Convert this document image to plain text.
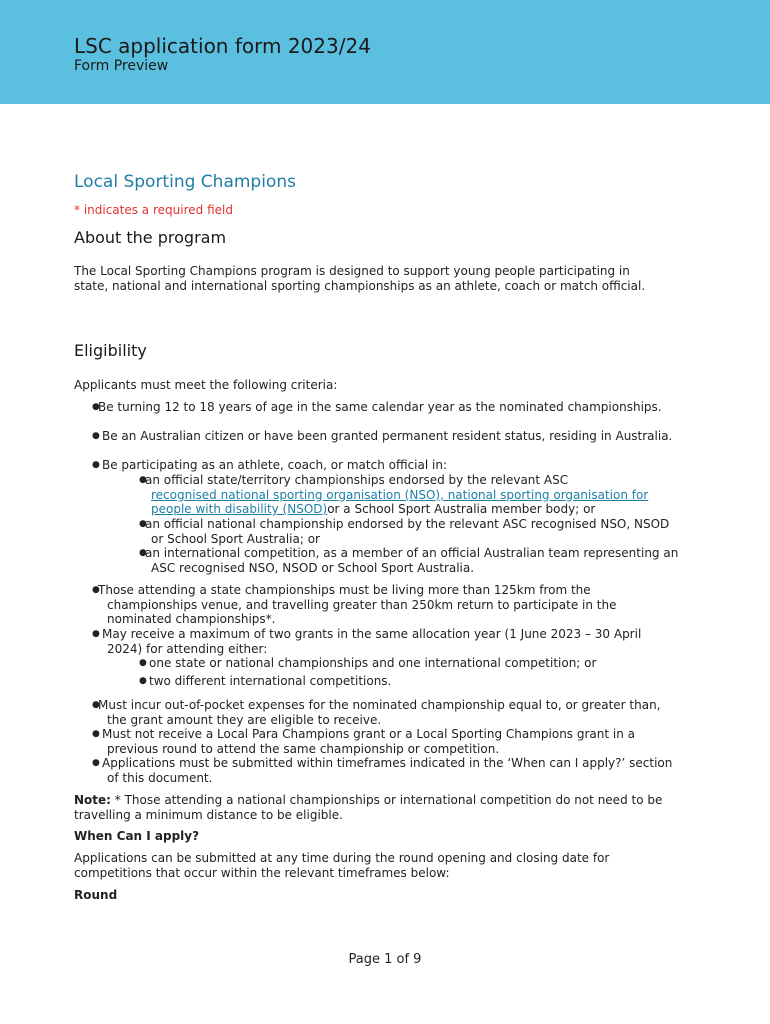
LSC application form 2023/24
Form Preview
Local Sporting Champions
* indicates a required field
About the program
The Local Sporting Champions program is designed to support young people participating in state, national and international sporting championships as an athlete, coach or match official.
Eligibility
Applicants must meet the following criteria:
●
Be turning 12 to 18 years of age in the same calendar year as the nominated championships.
● Be an Australian citizen or have been granted permanent resident status, residing in Australia.
● Be participating as an athlete, coach, or match official in:
●
an official state/territory championships endorsed by the relevant ASC
recognised national sporting organisation (NSO), national sporting organisation for people with disability (NSOD)or a School Sport Australia member body; or
●
an official national championship endorsed by the relevant ASC recognised NSO, NSOD or School Sport Australia; or
●
an international competition, as a member of an official Australian team representing an ASC recognised NSO, NSOD or School Sport Australia.
●
Those attending a state championships must be living more than 125km from the championships venue, and travelling greater than 250km return to participate in the nominated championships*.
● May receive a maximum of two grants in the same allocation year (1 June 2023 – 30 April 2024) for attending either:
● one state or national championships and one international competition; or
● two different international competitions.
●
Must incur out-of-pocket expenses for the nominated championship equal to, or greater than, the grant amount they are eligible to receive.
● Must not receive a Local Para Champions grant or a Local Sporting Champions grant in a previous round to attend the same championship or competition.
● Applications must be submitted within timeframes indicated in the ‘When can I apply?’ section of this document.
Note: * Those attending a national championships or international competition do not need to be travelling a minimum distance to be eligible.
When Can I apply?
Applications can be submitted at any time during the round opening and closing date for competitions that occur within the relevant timeframes below:
Round
Page 1 of 9
